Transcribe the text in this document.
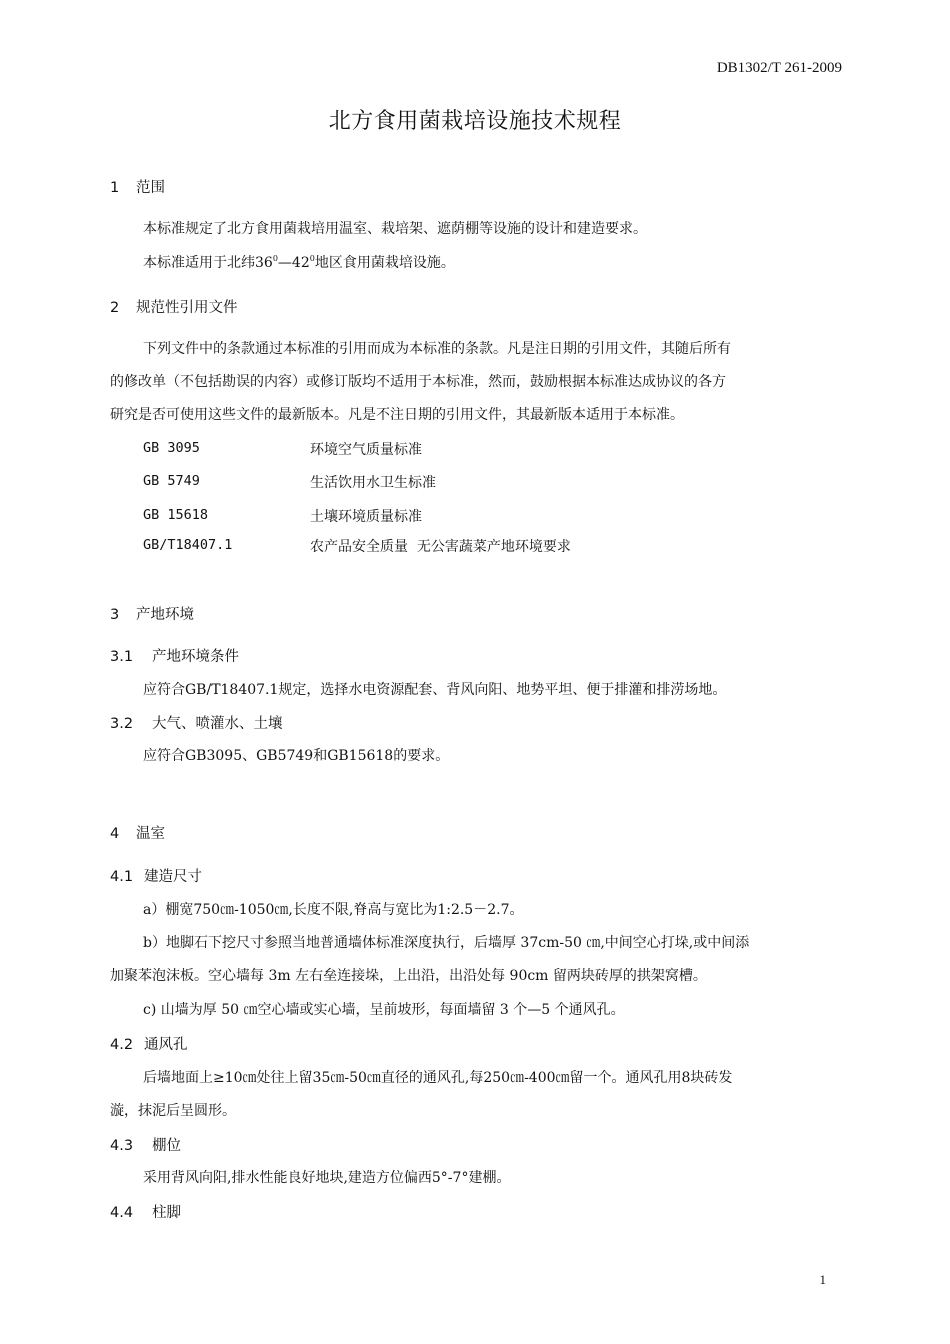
DB1302/T 261-2009
北方食用菌栽培设施技术规程
1 范围
本标准规定了北方食用菌栽培用温室、栽培架、遮荫棚等设施的设计和建造要求。
本标准适用于北纬$36^0—42^0$地区食用菌栽培设施。
2 规范性引用文件
下列文件中的条款通过本标准的引用而成为本标准的条款。凡是注日期的引用文件，其随后所有
的修改单（不包括勘误的内容）或修订版均不适用于本标准，然而，鼓励根据本标准达成协议的各方
研究是否可使用这些文件的最新版本。凡是不注日期的引用文件，其最新版本适用于本标准。
GB 3095	环境空气质量标准
GB 5749	生活饮用水卫生标准
GB 15618	土壤环境质量标准
GB/T18407.1	农产品安全质量  无公害蔬菜产地环境要求
3 产地环境
3.1 产地环境条件
应符合GB/T18407.1规定，选择水电资源配套、背风向阳、地势平坦、便于排灌和排涝场地。
3.2 大气、喷灌水、土壤
应符合GB3095、GB5749和GB15618的要求。
4 温室
4.1 建造尺寸
a）棚宽750㎝-1050㎝,长度不限,脊高与宽比为1:2.5－2.7。
b）地脚石下挖尺寸参照当地普通墙体标准深度执行，后墙厚 37cm-50 ㎝,中间空心打垛,或中间添
加聚苯泡沫板。空心墙每 3m 左右垒连接垛，上出沿，出沿处每 90cm 留两块砖厚的拱架窝槽。
c) 山墙为厚 50 ㎝空心墙或实心墙，呈前坡形，每面墙留 3 个—5 个通风孔。
4.2 通风孔
后墙地面上≥10㎝处往上留35㎝-50㎝直径的通风孔,每250㎝-400㎝留一个。通风孔用8块砖发
漩，抹泥后呈圆形。
4.3 棚位
采用背风向阳,排水性能良好地块,建造方位偏西5°-7°建棚。
4.4 柱脚
1
